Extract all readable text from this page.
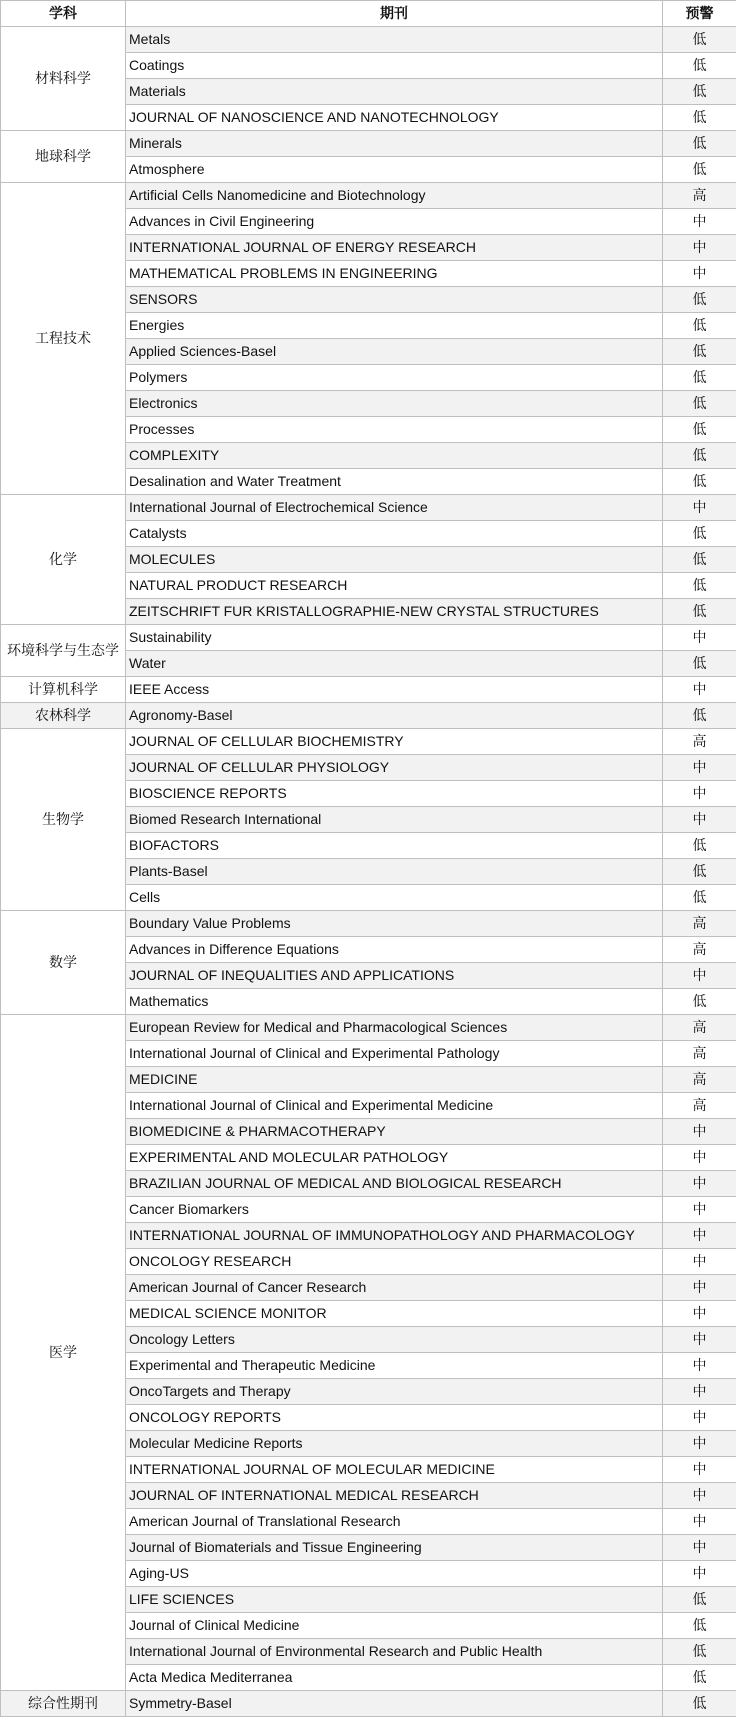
学科	期刊	预警
材料科学	Metals	低
	Coatings	低
	Materials	低
	JOURNAL OF NANOSCIENCE AND NANOTECHNOLOGY	低
地球科学	Minerals	低
	Atmosphere	低
工程技术	Artificial Cells Nanomedicine and Biotechnology	高
	Advances in Civil Engineering	中
	INTERNATIONAL JOURNAL OF ENERGY RESEARCH	中
	MATHEMATICAL PROBLEMS IN ENGINEERING	中
	SENSORS	低
	Energies	低
	Applied Sciences-Basel	低
	Polymers	低
	Electronics	低
	Processes	低
	COMPLEXITY	低
	Desalination and Water Treatment	低
化学	International Journal of Electrochemical Science	中
	Catalysts	低
	MOLECULES	低
	NATURAL PRODUCT RESEARCH	低
	ZEITSCHRIFT FUR KRISTALLOGRAPHIE-NEW CRYSTAL STRUCTURES	低
环境科学与生态学	Sustainability	中
	Water	低
计算机科学	IEEE Access	中
农林科学	Agronomy-Basel	低
生物学	JOURNAL OF CELLULAR BIOCHEMISTRY	高
	JOURNAL OF CELLULAR PHYSIOLOGY	中
	BIOSCIENCE REPORTS	中
	Biomed Research International	中
	BIOFACTORS	低
	Plants-Basel	低
	Cells	低
数学	Boundary Value Problems	高
	Advances in Difference Equations	高
	JOURNAL OF INEQUALITIES AND APPLICATIONS	中
	Mathematics	低
医学	European Review for Medical and Pharmacological Sciences	高
	International Journal of Clinical and Experimental Pathology	高
	MEDICINE	高
	International Journal of Clinical and Experimental Medicine	高
	BIOMEDICINE & PHARMACOTHERAPY	中
	EXPERIMENTAL AND MOLECULAR PATHOLOGY	中
	BRAZILIAN JOURNAL OF MEDICAL AND BIOLOGICAL RESEARCH	中
	Cancer Biomarkers	中
	INTERNATIONAL JOURNAL OF IMMUNOPATHOLOGY AND PHARMACOLOGY	中
	ONCOLOGY RESEARCH	中
	American Journal of Cancer Research	中
	MEDICAL SCIENCE MONITOR	中
	Oncology Letters	中
	Experimental and Therapeutic Medicine	中
	OncoTargets and Therapy	中
	ONCOLOGY REPORTS	中
	Molecular Medicine Reports	中
	INTERNATIONAL JOURNAL OF MOLECULAR MEDICINE	中
	JOURNAL OF INTERNATIONAL MEDICAL RESEARCH	中
	American Journal of Translational Research	中
	Journal of Biomaterials and Tissue Engineering	中
	Aging-US	中
	LIFE SCIENCES	低
	Journal of Clinical Medicine	低
	International Journal of Environmental Research and Public Health	低
	Acta Medica Mediterranea	低
综合性期刊	Symmetry-Basel	低
